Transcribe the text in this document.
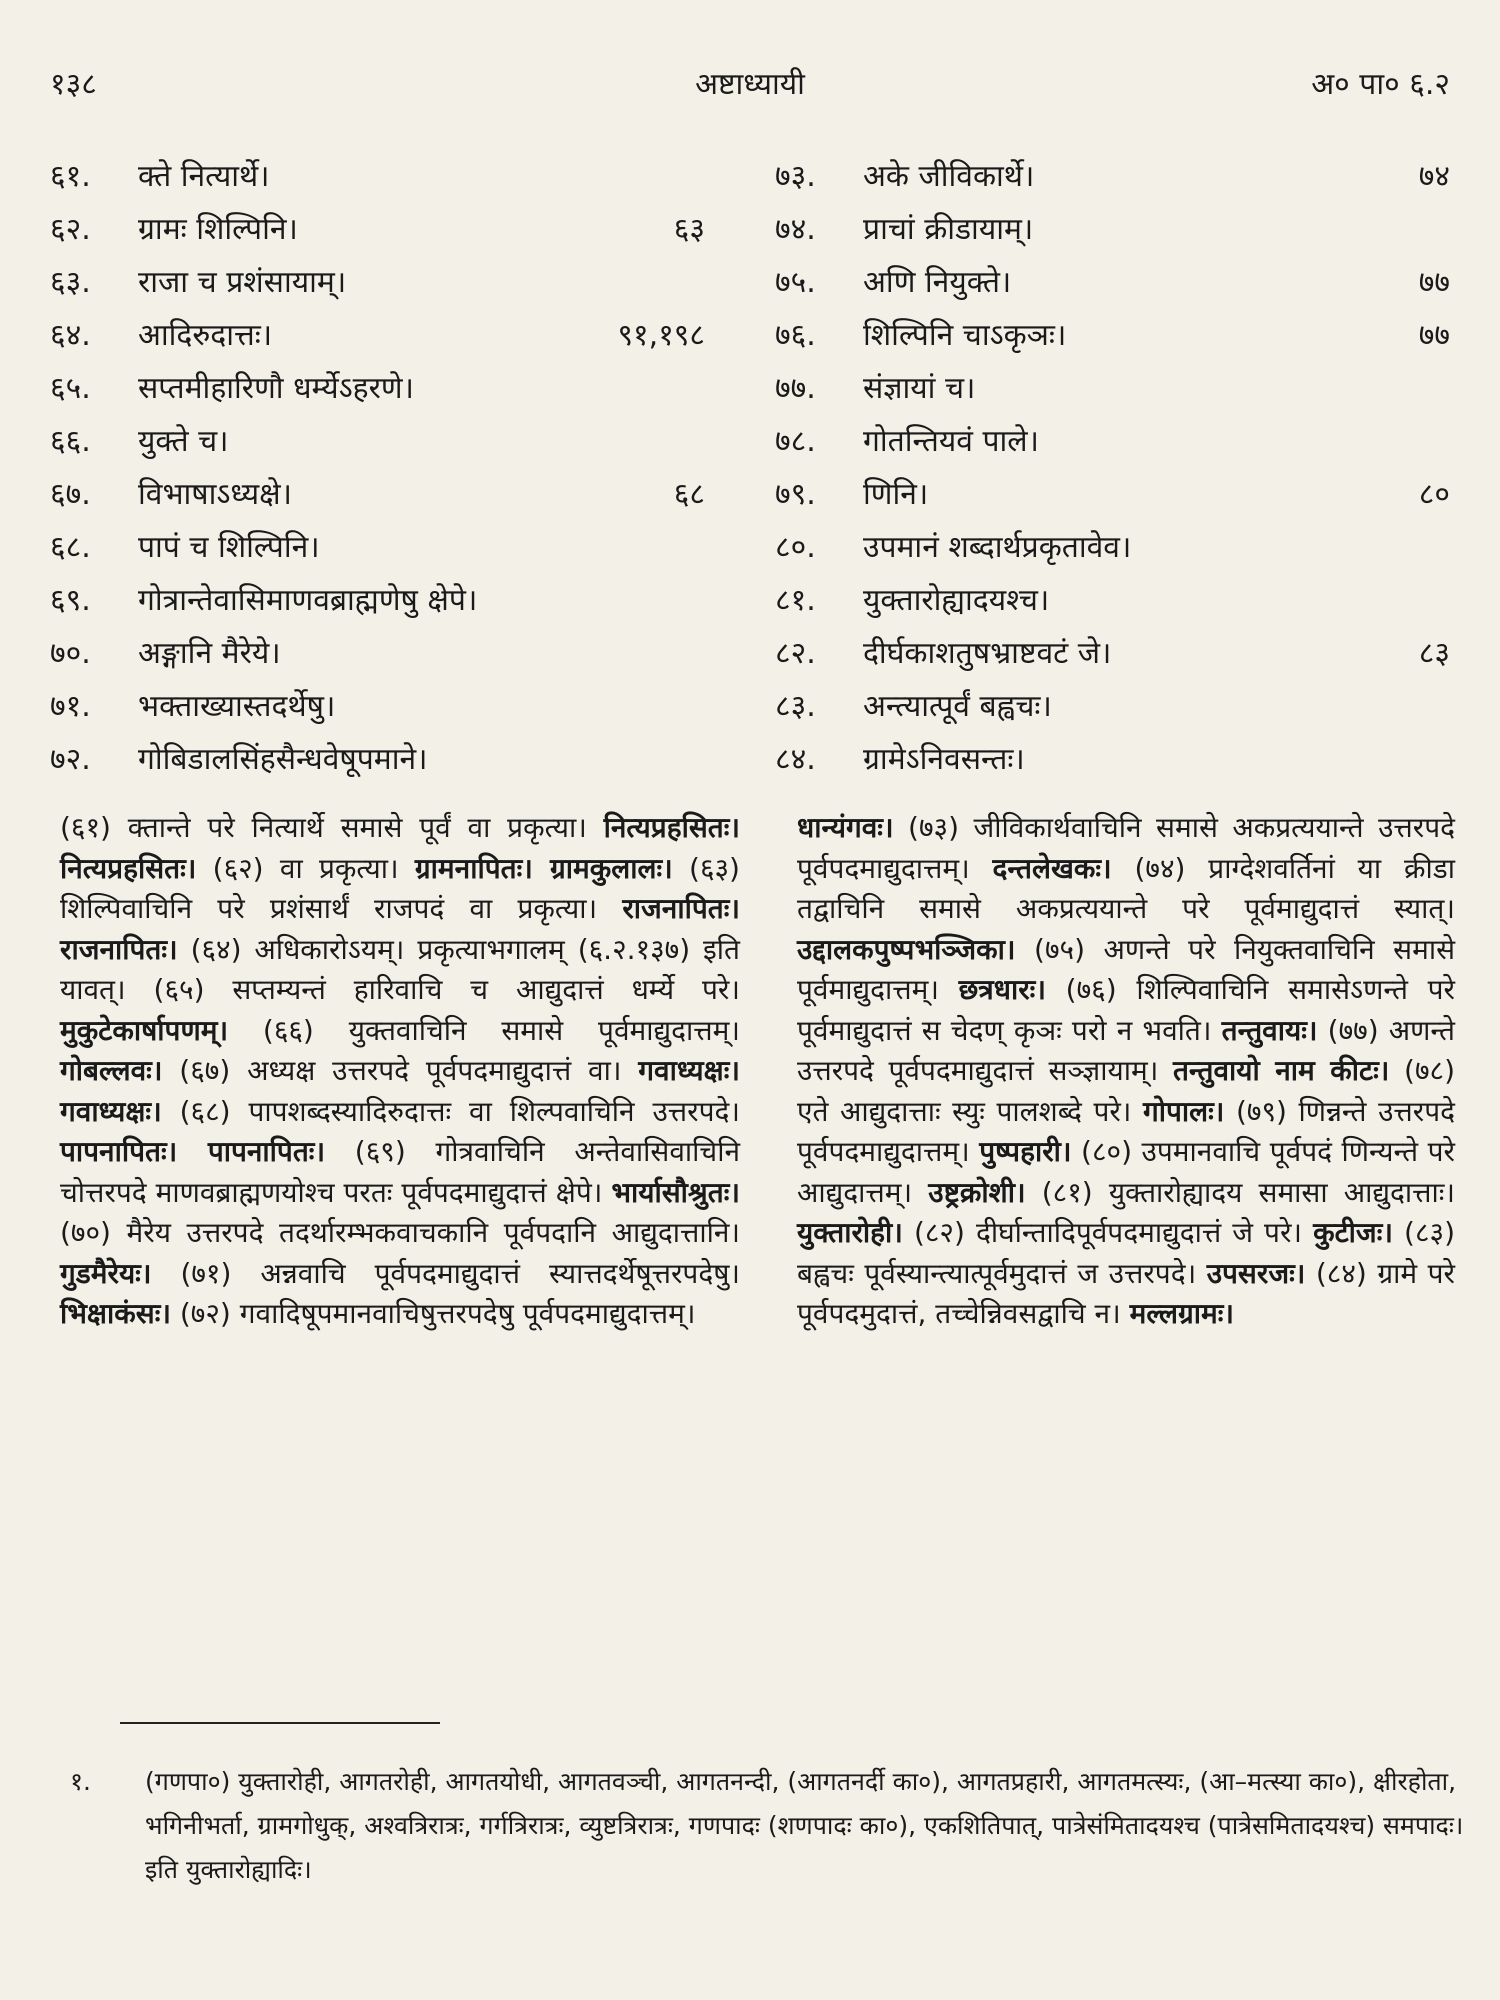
१३८	अष्टाध्यायी	अ० पा० ६.२
६१. क्ते नित्यार्थे।
६२. ग्रामः शिल्पिनि।	६३
६३. राजा च प्रशंसायाम्।
६४. आदिरुदात्तः।	९१,१९८
६५. सप्तमीहारिणौ धर्म्येऽहरणे।
६६. युक्ते च।
६७. विभाषाऽध्यक्षे।	६८
६८. पापं च शिल्पिनि।
६९. गोत्रान्तेवासिमाणवब्राह्मणेषु क्षेपे।
७०. अङ्गानि मैरेये।
७१. भक्ताख्यास्तदर्थेषु।
७२. गोबिडालसिंहसैन्धवेषूपमाने।
७३. अके जीविकार्थे।	७४
७४. प्राचां क्रीडायाम्।
७५. अणि नियुक्ते।	७७
७६. शिल्पिनि चाऽकृञः।	७७
७७. संज्ञायां च।
७८. गोतन्तियवं पाले।
७९. णिनि।	८०
८०. उपमानं शब्दार्थप्रकृतावेव।
८१. युक्तारोह्यादयश्च।
८२. दीर्घकाशतुषभ्राष्टवटं जे।	८३
८३. अन्त्यात्पूर्वं बह्वचः।
८४. ग्रामेऽनिवसन्तः।

(६१) क्तान्ते परे नित्यार्थे समासे पूर्वं वा प्रकृत्या। नित्यप्रहसितः। नित्यप्रहसितः। (६२) वा प्रकृत्या। ग्रामनापितः। ग्रामकुलालः। (६३) शिल्पिवाचिनि परे प्रशंसार्थं राजपदं वा प्रकृत्या। राजनापितः। राजनापितः। (६४) अधिकारोऽयम्। प्रकृत्याभगालम् (६.२.१३७) इति यावत्। (६५) सप्तम्यन्तं हारिवाचि च आद्युदात्तं धर्म्ये परे। मुकुटेकार्षापणम्। (६६) युक्तवाचिनि समासे पूर्वमाद्युदात्तम्। गोबल्लवः। (६७) अध्यक्ष उत्तरपदे पूर्वपदमाद्युदात्तं वा। गवाध्यक्षः। गवाध्यक्षः। (६८) पापशब्दस्यादिरुदात्तः वा शिल्पवाचिनि उत्तरपदे। पापनापितः। पापनापितः। (६९) गोत्रवाचिनि अन्तेवासिवाचिनि चोत्तरपदे माणवब्राह्मणयोश्च परतः पूर्वपदमाद्युदात्तं क्षेपे। भार्यासौश्रुतः। (७०) मैरेय उत्तरपदे तदर्थारम्भकवाचकानि पूर्वपदानि आद्युदात्तानि। गुडमैरेयः। (७१) अन्नवाचि पूर्वपदमाद्युदात्तं स्यात्तदर्थेषूत्तरपदेषु। भिक्षाकंसः। (७२) गवादिषूपमानवाचिषुत्तरपदेषु पूर्वपदमाद्युदात्तम्।

धान्यंगवः। (७३) जीविकार्थवाचिनि समासे अकप्रत्ययान्ते उत्तरपदे पूर्वपदमाद्युदात्तम्। दन्तलेखकः। (७४) प्राग्देशवर्तिनां या क्रीडा तद्वाचिनि समासे अकप्रत्ययान्ते परे पूर्वमाद्युदात्तं स्यात्। उद्दालकपुष्पभञ्जिका। (७५) अणन्ते परे नियुक्तवाचिनि समासे पूर्वमाद्युदात्तम्। छत्रधारः। (७६) शिल्पिवाचिनि समासेऽणन्ते परे पूर्वमाद्युदात्तं स चेदण् कृञः परो न भवति। तन्तुवायः। (७७) अणन्ते उत्तरपदे पूर्वपदमाद्युदात्तं सञ्ज्ञायाम्। तन्तुवायो नाम कीटः। (७८) एते आद्युदात्ताः स्युः पालशब्दे परे। गोपालः। (७९) णिन्नन्ते उत्तरपदे पूर्वपदमाद्युदात्तम्। पुष्पहारी। (८०) उपमानवाचि पूर्वपदं णिन्यन्ते परे आद्युदात्तम्। उष्ट्रक्रोशी। (८१) युक्तारोह्यादय समासा आद्युदात्ताः। युक्तारोही। (८२) दीर्घान्तादिपूर्वपदमाद्युदात्तं जे परे। कुटीजः। (८३) बह्वचः पूर्वस्यान्त्यात्पूर्वमुदात्तं ज उत्तरपदे। उपसरजः। (८४) ग्रामे परे पूर्वपदमुदात्तं, तच्चेन्निवसद्वाचि न। मल्लग्रामः।

१. (गणपा०) युक्तारोही, आगतरोही, आगतयोधी, आगतवञ्ची, आगतनन्दी, (आगतनर्दी का०), आगतप्रहारी, आगतमत्स्यः, (आ–मत्स्या का०), क्षीरहोता, भगिनीभर्ता, ग्रामगोधुक्, अश्वत्रिरात्रः, गर्गत्रिरात्रः, व्युष्टत्रिरात्रः, गणपादः (शणपादः का०), एकशितिपात्, पात्रेसंमितादयश्च (पात्रेसमितादयश्च) समपादः। इति युक्तारोह्यादिः।
